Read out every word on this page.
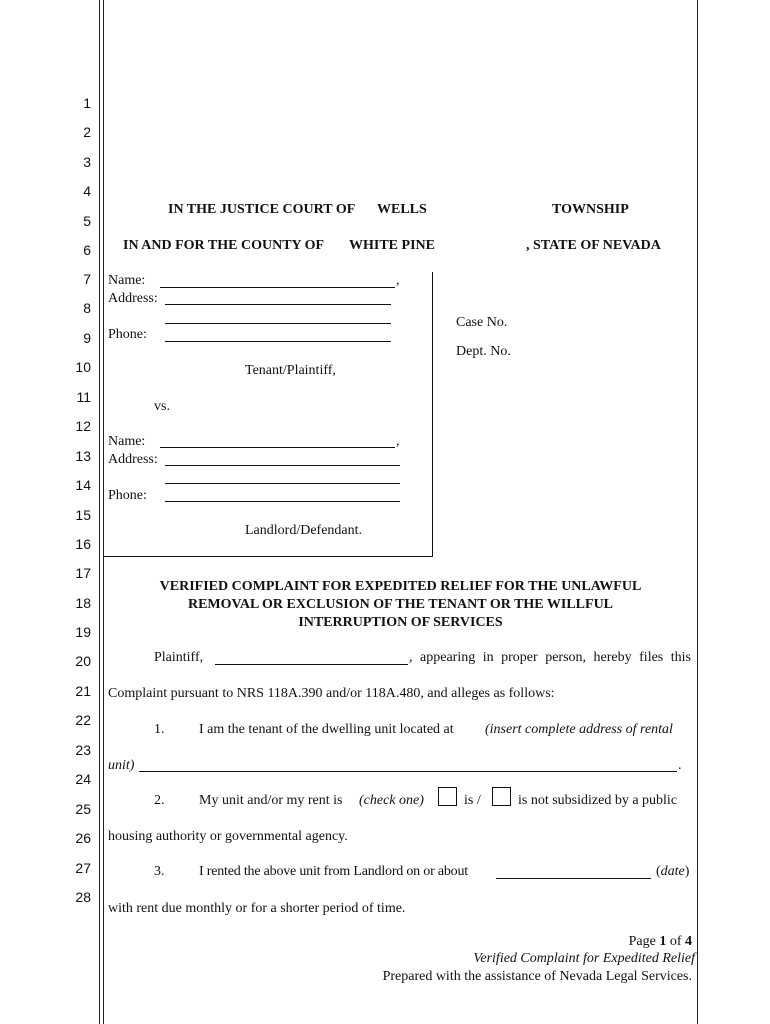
1
2
3
4
5
6
7
8
9
10
11
12
13
14
15
16
17
18
19
20
21
22
23
24
25
26
27
28
IN THE JUSTICE COURT OF WELLS	TOWNSHIP
IN AND FOR THE COUNTY OF WHITE PINE	, STATE OF NEVADA
Name:	,
Address:
Phone:
Tenant/Plaintiff,
vs.
Name:	,
Address:
Phone:
Landlord/Defendant.
Case No.
Dept. No.
VERIFIED COMPLAINT FOR EXPEDITED RELIEF FOR THE UNLAWFUL
REMOVAL OR EXCLUSION OF THE TENANT OR THE WILLFUL
INTERRUPTION OF SERVICES
Plaintiff,	, appearing in proper person, hereby files this
Complaint pursuant to NRS 118A.390 and/or 118A.480, and alleges as follows:
1. I am the tenant of the dwelling unit located at (insert complete address of rental
unit)	.
2. My unit and/or my rent is (check one)	is /	is not subsidized by a public
housing authority or governmental agency.
3. I rented the above unit from Landlord on or about	(date)
with rent due monthly or for a shorter period of time.
Page 1 of 4
Verified Complaint for Expedited Relief
Prepared with the assistance of Nevada Legal Services.
